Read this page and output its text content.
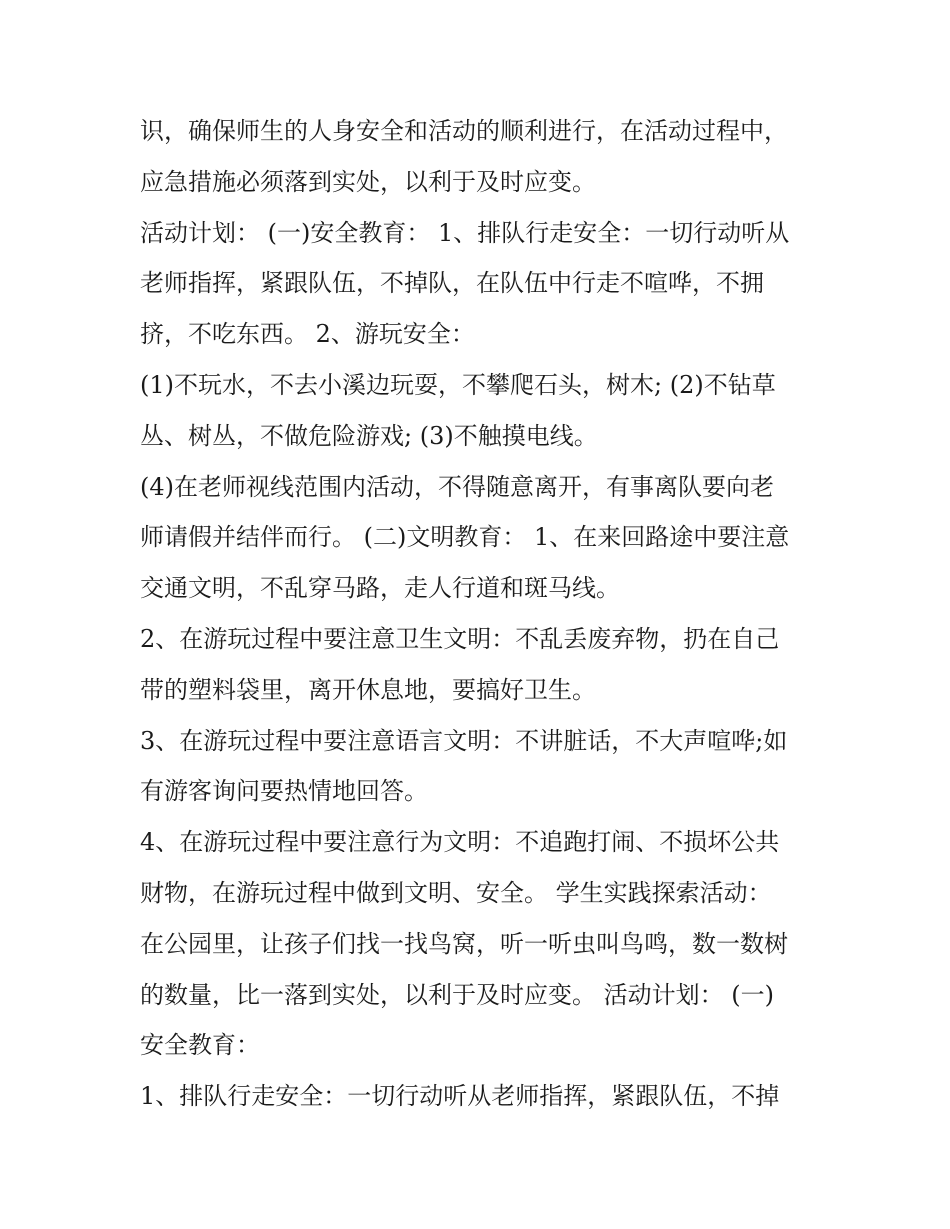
识，确保师生的人身安全和活动的顺利进行，在活动过程中，
应急措施必须落到实处，以利于及时应变。
活动计划： (一)安全教育： 1、排队行走安全：一切行动听从
老师指挥，紧跟队伍，不掉队，在队伍中行走不喧哗，不拥
挤，不吃东西。 2、游玩安全：
(1)不玩水，不去小溪边玩耍，不攀爬石头，树木; (2)不钻草
丛、树丛，不做危险游戏; (3)不触摸电线。
(4)在老师视线范围内活动，不得随意离开，有事离队要向老
师请假并结伴而行。 (二)文明教育： 1、在来回路途中要注意
交通文明，不乱穿马路，走人行道和斑马线。
2、在游玩过程中要注意卫生文明：不乱丢废弃物，扔在自己
带的塑料袋里，离开休息地，要搞好卫生。
3、在游玩过程中要注意语言文明：不讲脏话，不大声喧哗;如
有游客询问要热情地回答。
4、在游玩过程中要注意行为文明：不追跑打闹、不损坏公共
财物，在游玩过程中做到文明、安全。 学生实践探索活动：
在公园里，让孩子们找一找鸟窝，听一听虫叫鸟鸣，数一数树
的数量，比一落到实处，以利于及时应变。 活动计划： (一)
安全教育：
1、排队行走安全：一切行动听从老师指挥，紧跟队伍，不掉
